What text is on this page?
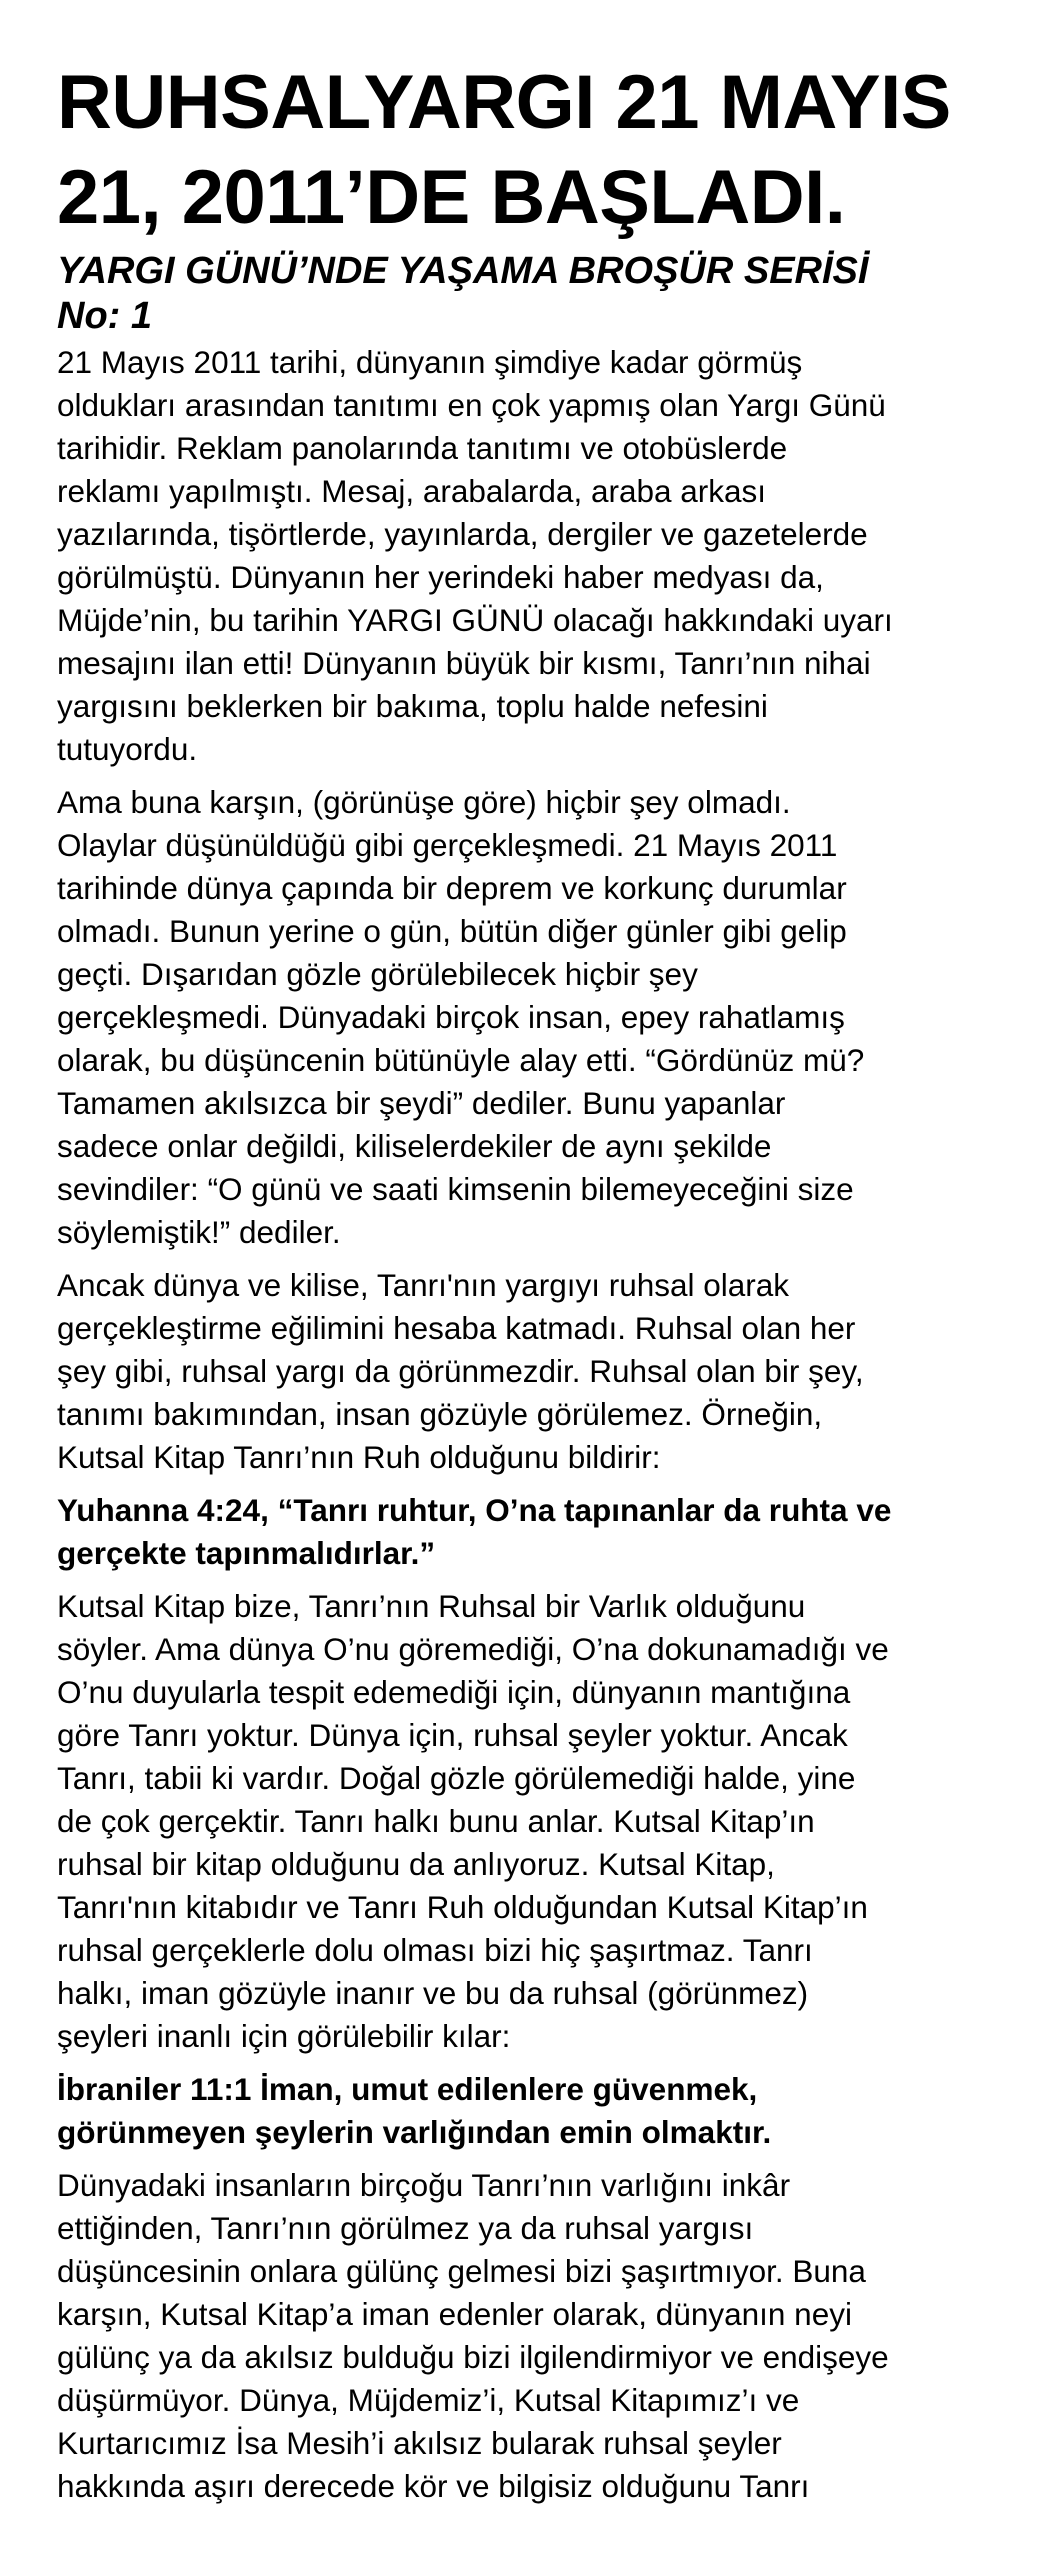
RUHSALYARGI 21 MAYIS
21, 2011’DE BAŞLADI.
YARGI GÜNÜ’NDE YAŞAMA BROŞÜR SERİSİ
No: 1

21 Mayıs 2011 tarihi, dünyanın şimdiye kadar görmüş
oldukları arasından tanıtımı en çok yapmış olan Yargı Günü
tarihidir. Reklam panolarında tanıtımı ve otobüslerde
reklamı yapılmıştı. Mesaj, arabalarda, araba arkası
yazılarında, tişörtlerde, yayınlarda, dergiler ve gazetelerde
görülmüştü. Dünyanın her yerindeki haber medyası da,
Müjde’nin, bu tarihin YARGI GÜNÜ olacağı hakkındaki uyarı
mesajını ilan etti! Dünyanın büyük bir kısmı, Tanrı’nın nihai
yargısını beklerken bir bakıma, toplu halde nefesini
tutuyordu.

Ama buna karşın, (görünüşe göre) hiçbir şey olmadı.
Olaylar düşünüldüğü gibi gerçekleşmedi. 21 Mayıs 2011
tarihinde dünya çapında bir deprem ve korkunç durumlar
olmadı. Bunun yerine o gün, bütün diğer günler gibi gelip
geçti. Dışarıdan gözle görülebilecek hiçbir şey
gerçekleşmedi. Dünyadaki birçok insan, epey rahatlamış
olarak, bu düşüncenin bütünüyle alay etti. “Gördünüz mü?
Tamamen akılsızca bir şeydi” dediler. Bunu yapanlar
sadece onlar değildi, kiliselerdekiler de aynı şekilde
sevindiler: “O günü ve saati kimsenin bilemeyeceğini size
söylemiştik!” dediler.

Ancak dünya ve kilise, Tanrı'nın yargıyı ruhsal olarak
gerçekleştirme eğilimini hesaba katmadı. Ruhsal olan her
şey gibi, ruhsal yargı da görünmezdir. Ruhsal olan bir şey,
tanımı bakımından, insan gözüyle görülemez. Örneğin,
Kutsal Kitap Tanrı’nın Ruh olduğunu bildirir:

Yuhanna 4:24, “Tanrı ruhtur, O’na tapınanlar da ruhta ve
gerçekte tapınmalıdırlar.”

Kutsal Kitap bize, Tanrı’nın Ruhsal bir Varlık olduğunu
söyler. Ama dünya O’nu göremediği, O’na dokunamadığı ve
O’nu duyularla tespit edemediği için, dünyanın mantığına
göre Tanrı yoktur. Dünya için, ruhsal şeyler yoktur. Ancak
Tanrı, tabii ki vardır. Doğal gözle görülemediği halde, yine
de çok gerçektir. Tanrı halkı bunu anlar. Kutsal Kitap’ın
ruhsal bir kitap olduğunu da anlıyoruz. Kutsal Kitap,
Tanrı'nın kitabıdır ve Tanrı Ruh olduğundan Kutsal Kitap’ın
ruhsal gerçeklerle dolu olması bizi hiç şaşırtmaz. Tanrı
halkı, iman gözüyle inanır ve bu da ruhsal (görünmez)
şeyleri inanlı için görülebilir kılar:

İbraniler 11:1 İman, umut edilenlere güvenmek,
görünmeyen şeylerin varlığından emin olmaktır.

Dünyadaki insanların birçoğu Tanrı’nın varlığını inkâr
ettiğinden, Tanrı’nın görülmez ya da ruhsal yargısı
düşüncesinin onlara gülünç gelmesi bizi şaşırtmıyor. Buna
karşın, Kutsal Kitap’a iman edenler olarak, dünyanın neyi
gülünç ya da akılsız bulduğu bizi ilgilendirmiyor ve endişeye
düşürmüyor. Dünya, Müjdemiz’i, Kutsal Kitapımız’ı ve
Kurtarıcımız İsa Mesih’i akılsız bularak ruhsal şeyler
hakkında aşırı derecede kör ve bilgisiz olduğunu Tanrı
